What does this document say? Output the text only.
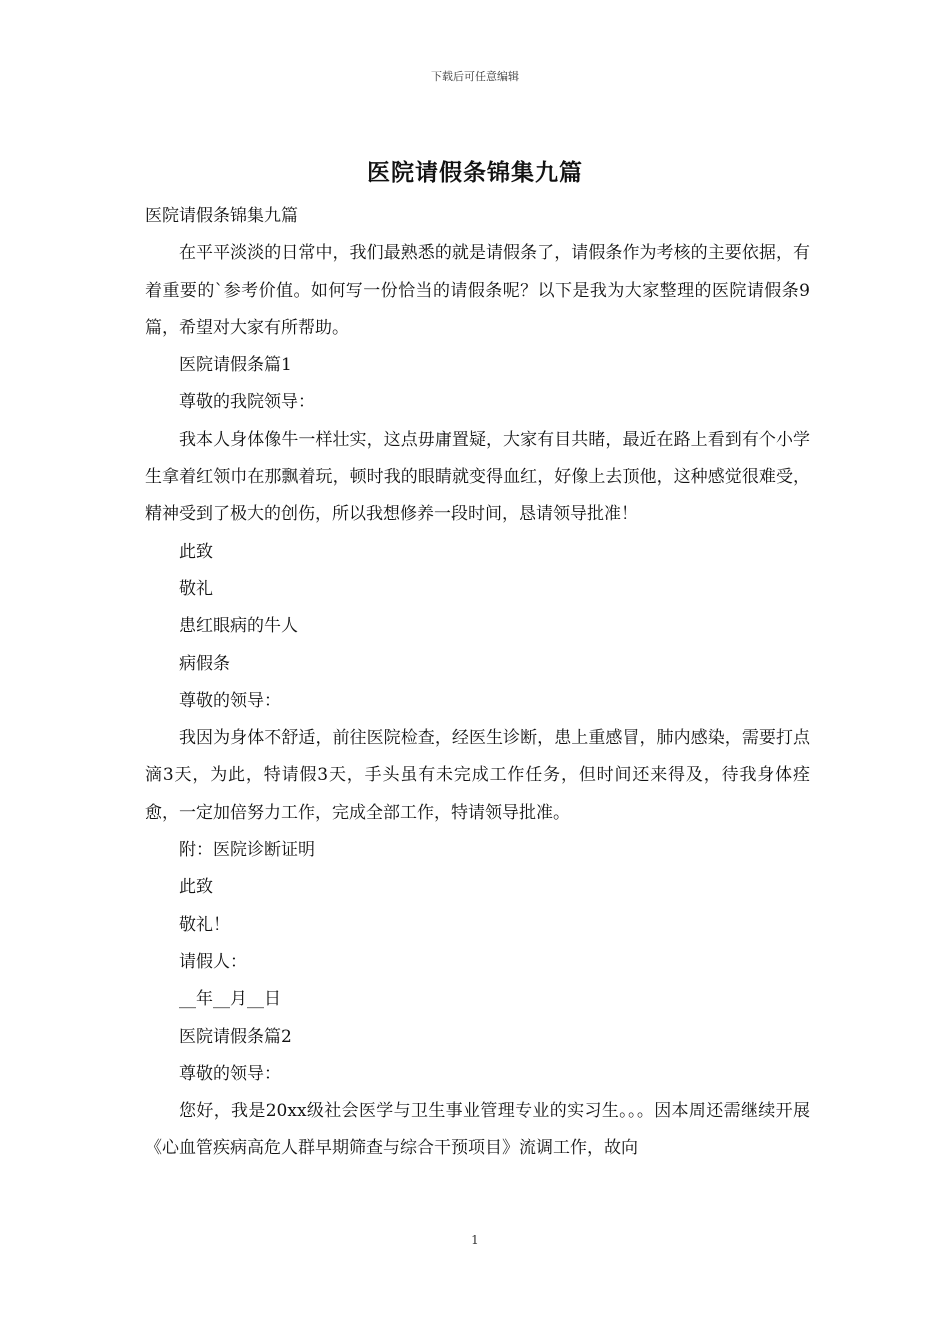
下载后可任意编辑
医院请假条锦集九篇

医院请假条锦集九篇

在平平淡淡的日常中，我们最熟悉的就是请假条了，请假条作为考核的主要依据，有着重要的`参考价值。如何写一份恰当的请假条呢？以下是我为大家整理的医院请假条9篇，希望对大家有所帮助。

医院请假条篇1

尊敬的我院领导：

我本人身体像牛一样壮实，这点毋庸置疑，大家有目共睹，最近在路上看到有个小学生拿着红领巾在那飘着玩，顿时我的眼睛就变得血红，好像上去顶他，这种感觉很难受，精神受到了极大的创伤，所以我想修养一段时间，恳请领导批准！

此致

敬礼

患红眼病的牛人

病假条

尊敬的领导：

我因为身体不舒适，前往医院检查，经医生诊断，患上重感冒，肺内感染，需要打点滴3天，为此，特请假3天，手头虽有未完成工作任务，但时间还来得及，待我身体痊愈，一定加倍努力工作，完成全部工作，特请领导批准。

附：医院诊断证明

此致

敬礼！

请假人：

__年__月__日

医院请假条篇2

尊敬的领导：

您好，我是20xx级社会医学与卫生事业管理专业的实习生。。。因本周还需继续开展《心血管疾病高危人群早期筛查与综合干预项目》流调工作，故向

1
